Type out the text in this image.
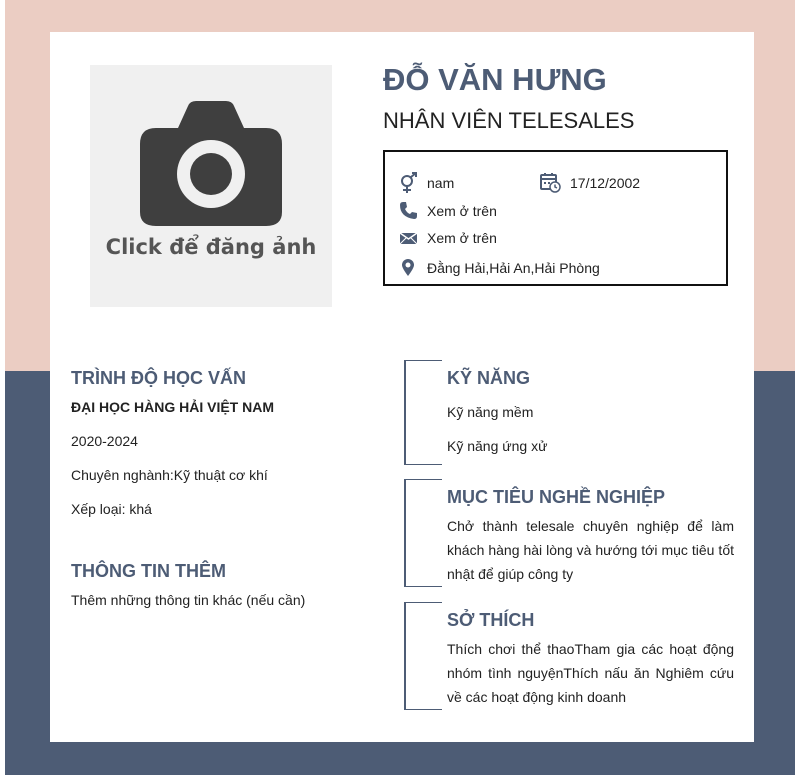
Click để đăng ảnh
ĐỖ VĂN HƯNG
NHÂN VIÊN TELESALES
nam	17/12/2002
Xem ở trên
Xem ở trên
Đằng Hải,Hải An,Hải Phòng
TRÌNH ĐỘ HỌC VẤN
ĐẠI HỌC HÀNG HẢI VIỆT NAM
2020-2024
Chuyên nghành:Kỹ thuật cơ khí
Xếp loại: khá
THÔNG TIN THÊM
Thêm những thông tin khác (nếu cần)
KỸ NĂNG
Kỹ năng mềm
Kỹ năng ứng xử
MỤC TIÊU NGHỀ NGHIỆP
Chở thành telesale chuyên nghiệp để làm khách hàng hài lòng và hướng tới mục tiêu tốt nhật để giúp công ty
SỞ THÍCH
Thích chơi thể thaoTham gia các hoạt động nhóm tình nguyệnThích nấu ăn Nghiêm cứu về các hoạt động kinh doanh
